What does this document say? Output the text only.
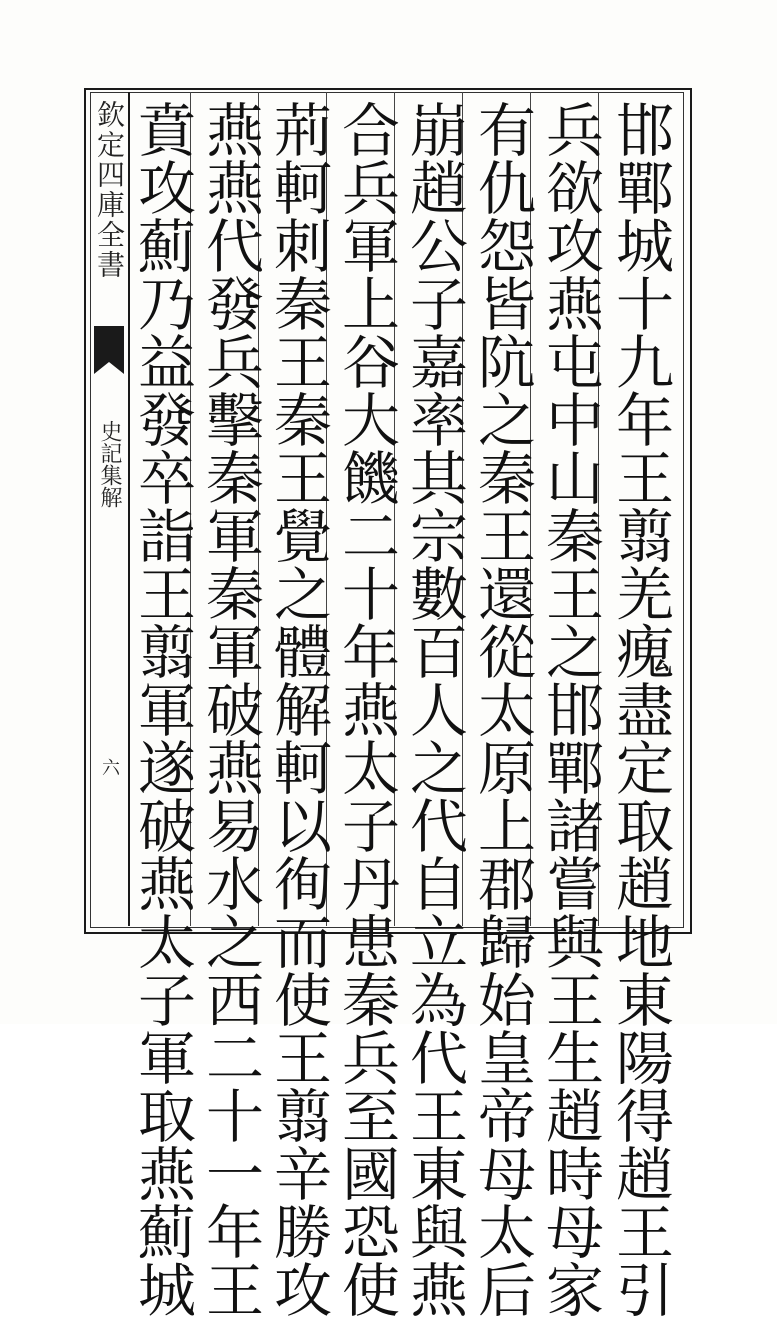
欽定四庫全書
史記集解
六	邯鄲城十九年王翦羌瘣盡定取趙地東陽得趙王引
兵欲攻燕屯中山秦王之邯鄲諸嘗與王生趙時母家
有仇怨皆阬之秦王還從太原上郡歸始皇帝母太后
崩趙公子嘉率其宗數百人之代自立為代王東與燕
合兵軍上谷大饑二十年燕太子丹患秦兵至國恐使
荊軻刺秦王秦王覺之體解軻以徇而使王翦辛勝攻
燕燕代發兵擊秦軍秦軍破燕易水之西二十一年王
賁攻薊乃益發卒詣王翦軍遂破燕太子軍取燕薊城
